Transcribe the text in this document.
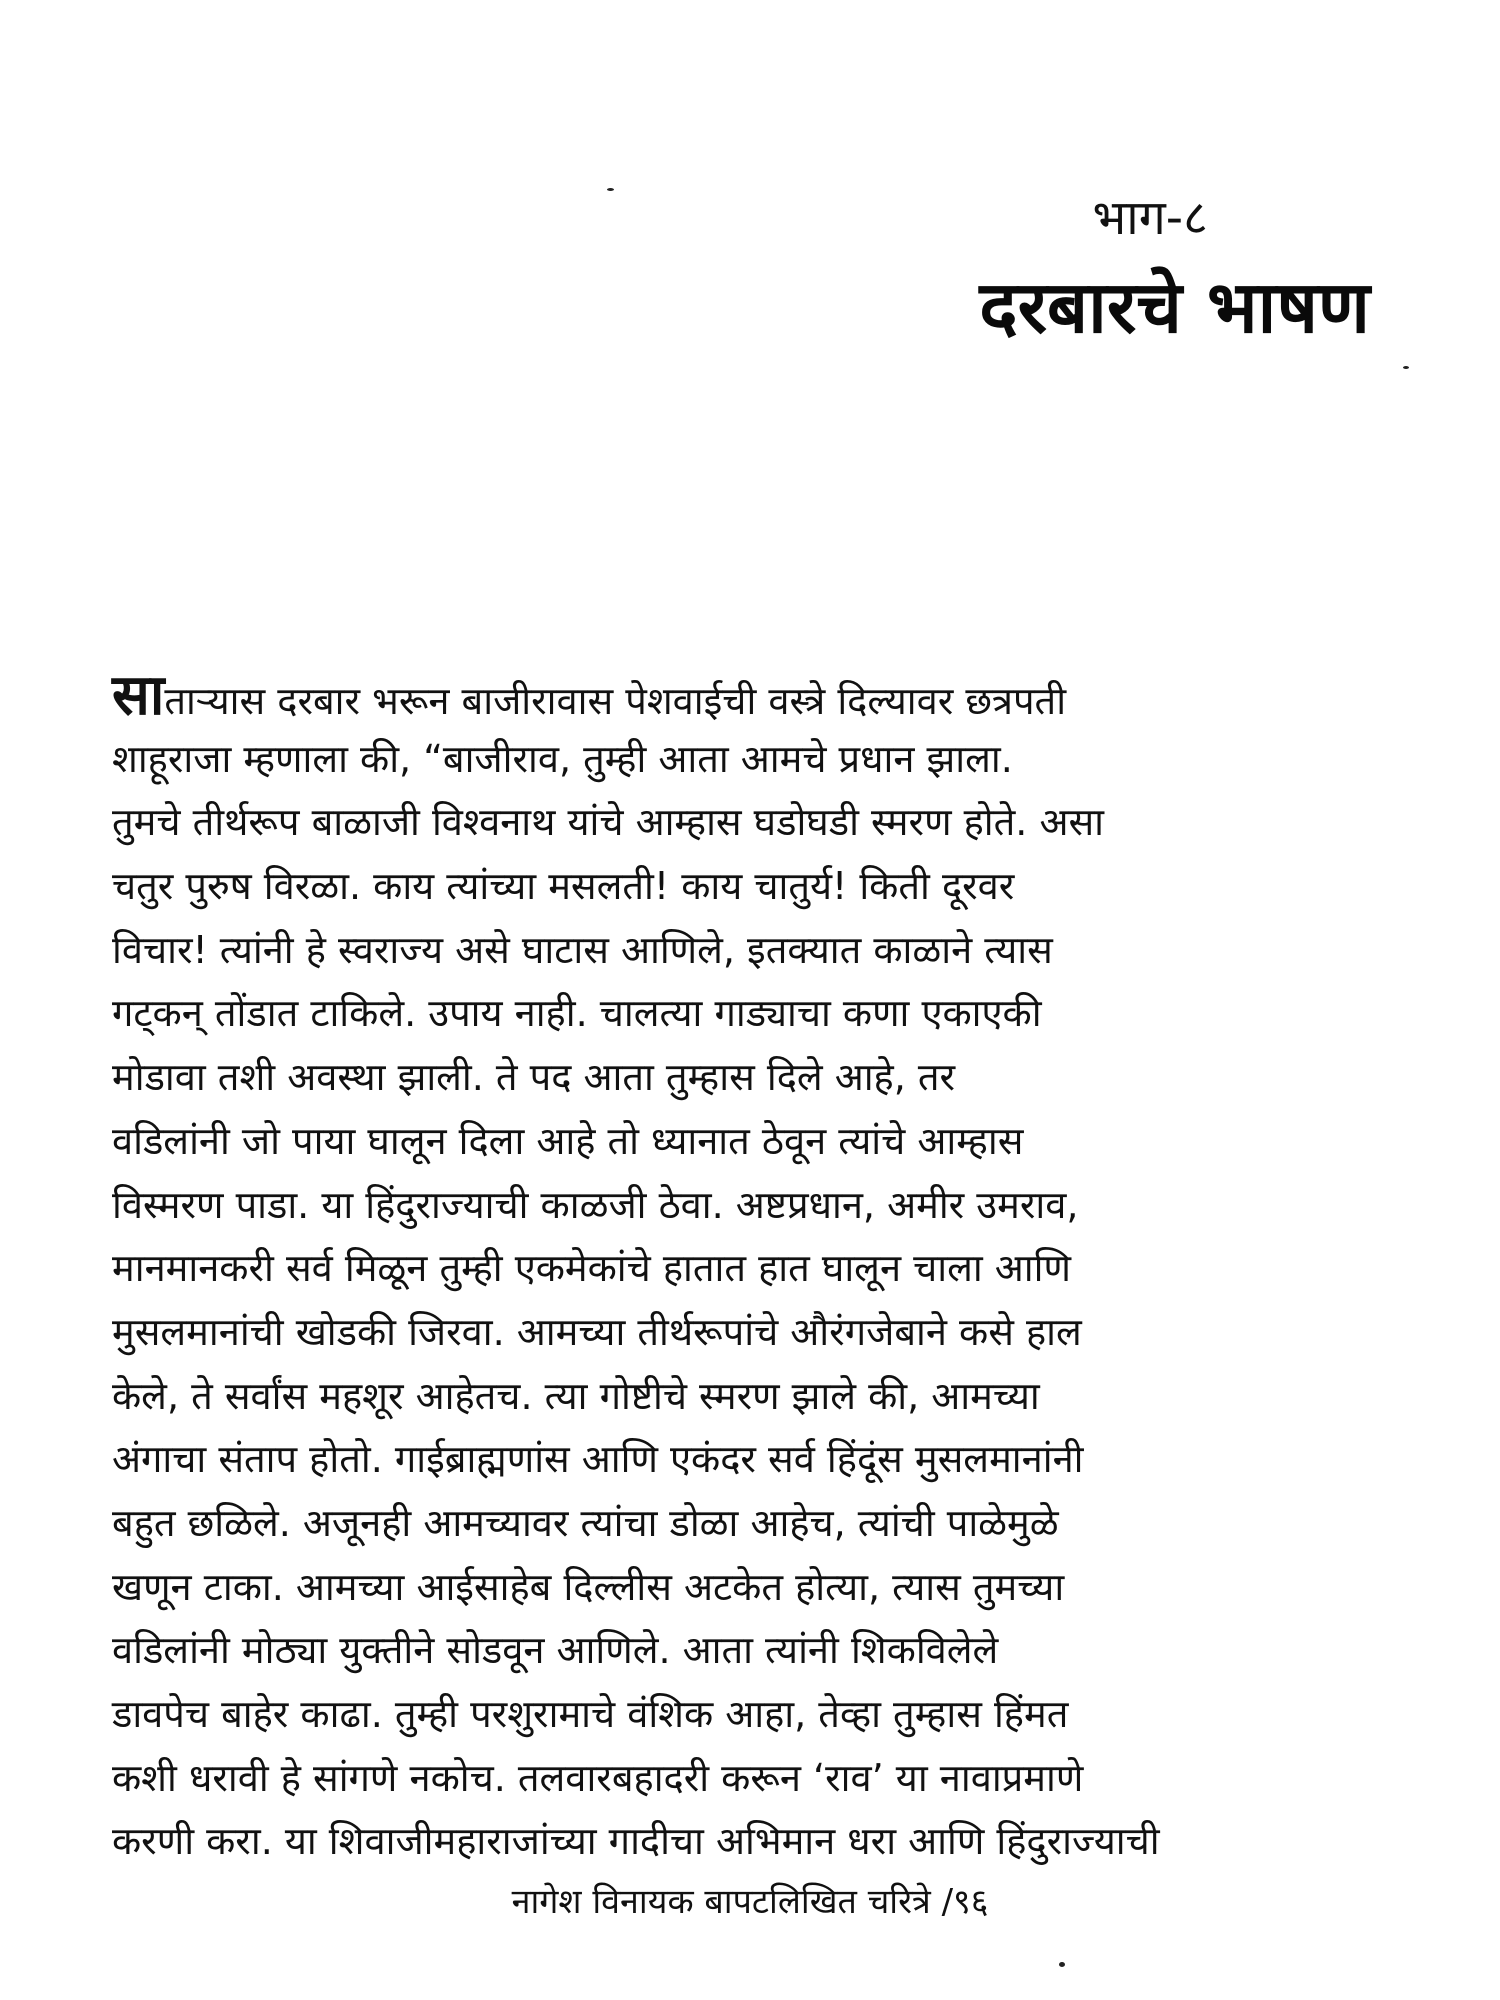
भाग-८
दरबारचे भाषण
सातार्‍यास दरबार भरून बाजीरावास पेशवाईची वस्त्रे दिल्यावर छत्रपती
शाहूराजा म्हणाला की, “बाजीराव, तुम्ही आता आमचे प्रधान झाला.
तुमचे तीर्थरूप बाळाजी विश्वनाथ यांचे आम्हास घडोघडी स्मरण होते. असा
चतुर पुरुष विरळा. काय त्यांच्या मसलती! काय चातुर्य! किती दूरवर
विचार! त्यांनी हे स्वराज्य असे घाटास आणिले, इतक्यात काळाने त्यास
गट्कन् तोंडात टाकिले. उपाय नाही. चालत्या गाड्याचा कणा एकाएकी
मोडावा तशी अवस्था झाली. ते पद आता तुम्हास दिले आहे, तर
वडिलांनी जो पाया घालून दिला आहे तो ध्यानात ठेवून त्यांचे आम्हास
विस्मरण पाडा. या हिंदुराज्याची काळजी ठेवा. अष्टप्रधान, अमीर उमराव,
मानमानकरी सर्व मिळून तुम्ही एकमेकांचे हातात हात घालून चाला आणि
मुसलमानांची खोडकी जिरवा. आमच्या तीर्थरूपांचे औरंगजेबाने कसे हाल
केले, ते सर्वांस महशूर आहेतच. त्या गोष्टीचे स्मरण झाले की, आमच्या
अंगाचा संताप होतो. गाईब्राह्मणांस आणि एकंदर सर्व हिंदूंस मुसलमानांनी
बहुत छळिले. अजूनही आमच्यावर त्यांचा डोळा आहेच, त्यांची पाळेमुळे
खणून टाका. आमच्या आईसाहेब दिल्लीस अटकेत होत्या, त्यास तुमच्या
वडिलांनी मोठ्या युक्तीने सोडवून आणिले. आता त्यांनी शिकविलेले
डावपेच बाहेर काढा. तुम्ही परशुरामाचे वंशिक आहा, तेव्हा तुम्हास हिंमत
कशी धरावी हे सांगणे नकोच. तलवारबहादरी करून ‘राव’ या नावाप्रमाणे
करणी करा. या शिवाजीमहाराजांच्या गादीचा अभिमान धरा आणि हिंदुराज्याची
नागेश विनायक बापटलिखित चरित्रे /९६
